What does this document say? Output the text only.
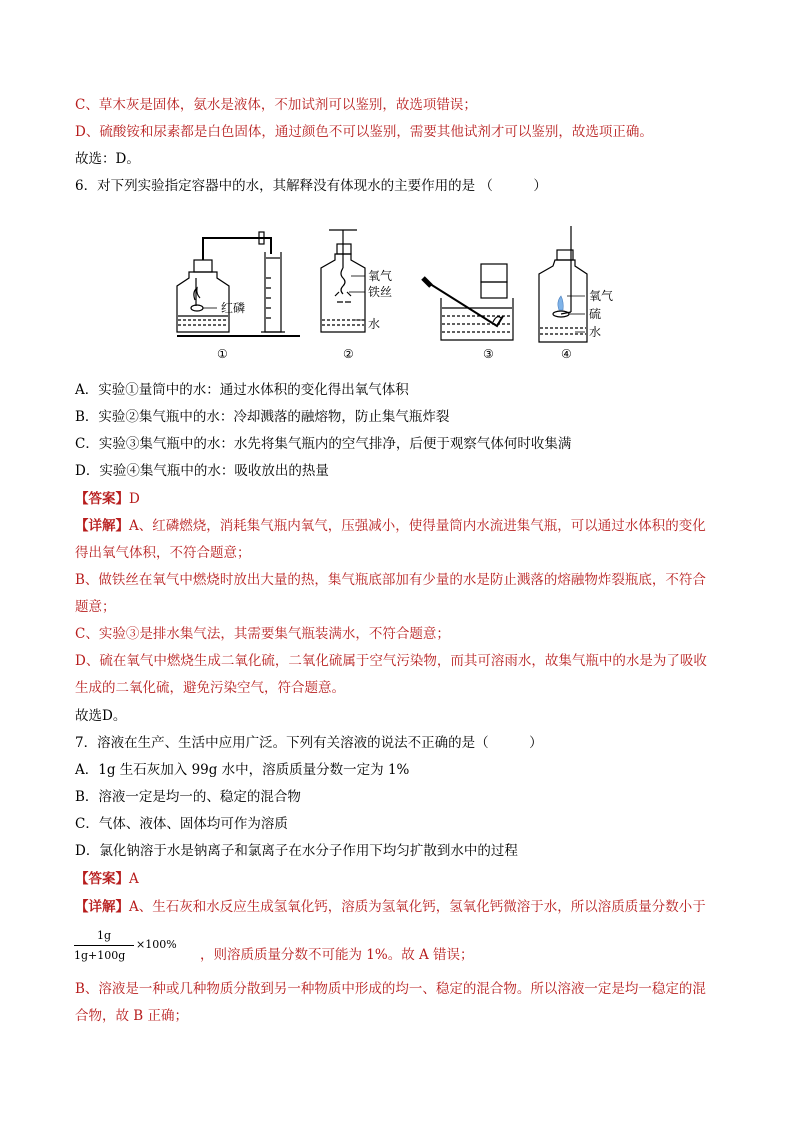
C、草木灰是固体，氨水是液体，不加试剂可以鉴别，故选项错误；
D、硫酸铵和尿素都是白色固体，通过颜色不可以鉴别，需要其他试剂才可以鉴别，故选项正确。
故选：D。
6．对下列实验指定容器中的水，其解释没有体现水的主要作用的是 （　　　）
红磷
①
氧气
铁丝
水
②	③
氧气
硫
水
④
A．实验①量筒中的水：通过水体积的变化得出氧气体积
B．实验②集气瓶中的水：冷却溅落的融熔物，防止集气瓶炸裂
C．实验③集气瓶中的水：水先将集气瓶内的空气排净，后便于观察气体何时收集满
D．实验④集气瓶中的水：吸收放出的热量
【答案】D
【详解】A、红磷燃烧，消耗集气瓶内氧气，压强减小，使得量筒内水流进集气瓶，可以通过水体积的变化
得出氧气体积，不符合题意；
B、做铁丝在氧气中燃烧时放出大量的热，集气瓶底部加有少量的水是防止溅落的熔融物炸裂瓶底，不符合
题意；
C、实验③是排水集气法，其需要集气瓶装满水，不符合题意；
D、硫在氧气中燃烧生成二氧化硫，二氧化硫属于空气污染物，而其可溶雨水，故集气瓶中的水是为了吸收
生成的二氧化硫，避免污染空气，符合题意。
故选D。
7．溶液在生产、生活中应用广泛。下列有关溶液的说法不正确的是（　　　）
A．1g 生石灰加入 99g 水中，溶质质量分数一定为 1%
B．溶液一定是均一的、稳定的混合物
C．气体、液体、固体均可作为溶质
D．氯化钠溶于水是钠离子和氯离子在水分子作用下均匀扩散到水中的过程
【答案】A
【详解】A、生石灰和水反应生成氢氧化钙，溶质为氢氧化钙，氢氧化钙微溶于水，所以溶质质量分数小于
1g
1g+100g
×100%
，则溶质质量分数不可能为 1%。故 A 错误；
B、溶液是一种或几种物质分散到另一种物质中形成的均一、稳定的混合物。所以溶液一定是均一稳定的混
合物，故 B 正确；
